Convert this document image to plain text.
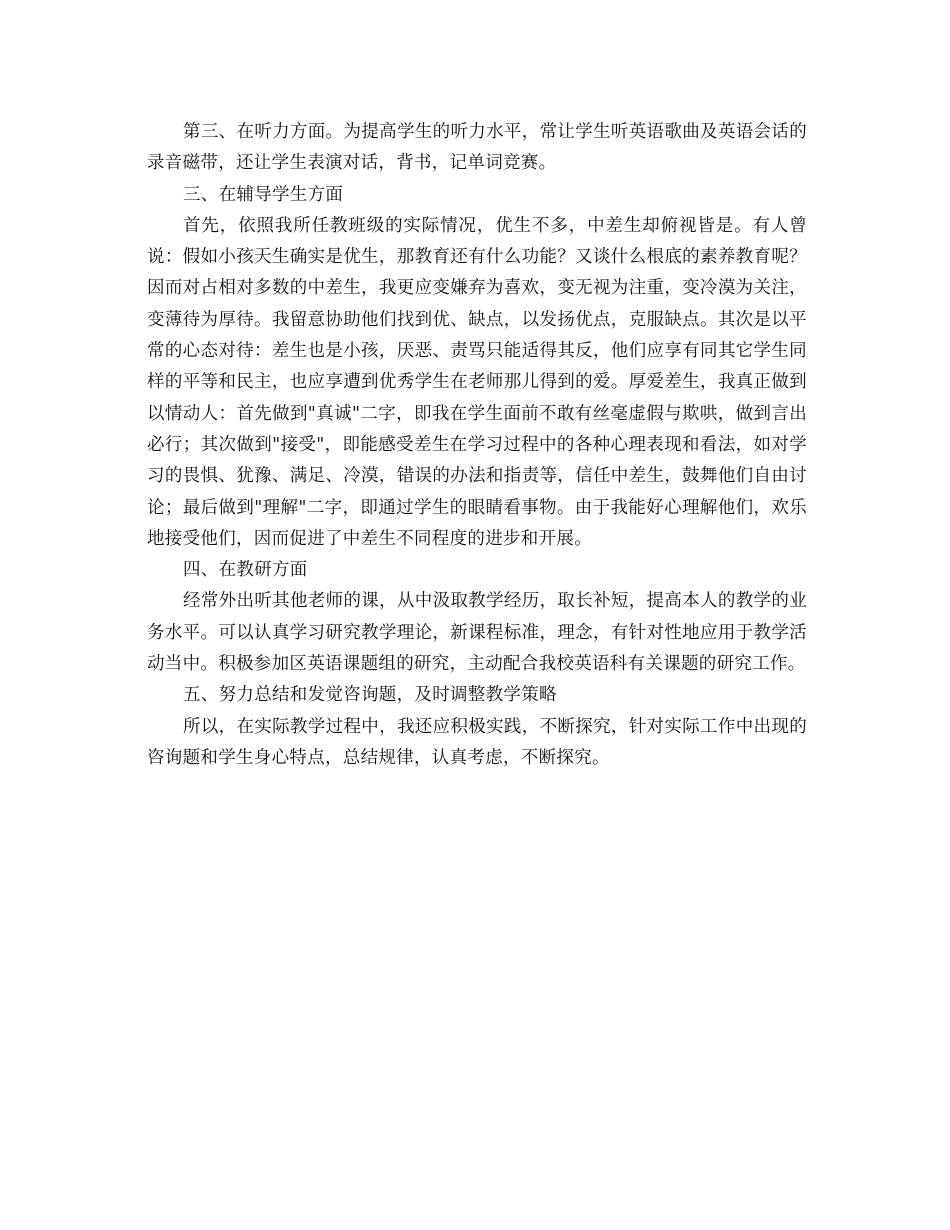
第三、在听力方面。为提高学生的听力水平，常让学生听英语歌曲及英语会话的录音磁带，还让学生表演对话，背书，记单词竞赛。

三、在辅导学生方面

首先，依照我所任教班级的实际情况，优生不多，中差生却俯视皆是。有人曾说：假如小孩天生确实是优生，那教育还有什么功能？又谈什么根底的素养教育呢？因而对占相对多数的中差生，我更应变嫌弃为喜欢，变无视为注重，变冷漠为关注，变薄待为厚待。我留意协助他们找到优、缺点，以发扬优点，克服缺点。其次是以平常的心态对待：差生也是小孩，厌恶、责骂只能适得其反，他们应享有同其它学生同样的平等和民主，也应享遭到优秀学生在老师那儿得到的爱。厚爱差生，我真正做到以情动人：首先做到"真诚"二字，即我在学生面前不敢有丝毫虚假与欺哄，做到言出必行；其次做到"接受"，即能感受差生在学习过程中的各种心理表现和看法，如对学习的畏惧、犹豫、满足、冷漠，错误的办法和指责等，信任中差生，鼓舞他们自由讨论；最后做到"理解"二字，即通过学生的眼睛看事物。由于我能好心理解他们，欢乐地接受他们，因而促进了中差生不同程度的进步和开展。

四、在教研方面

经常外出听其他老师的课，从中汲取教学经历，取长补短，提高本人的教学的业务水平。可以认真学习研究教学理论，新课程标准，理念，有针对性地应用于教学活动当中。积极参加区英语课题组的研究，主动配合我校英语科有关课题的研究工作。

五、努力总结和发觉咨询题，及时调整教学策略

所以，在实际教学过程中，我还应积极实践，不断探究，针对实际工作中出现的咨询题和学生身心特点，总结规律，认真考虑，不断探究。
